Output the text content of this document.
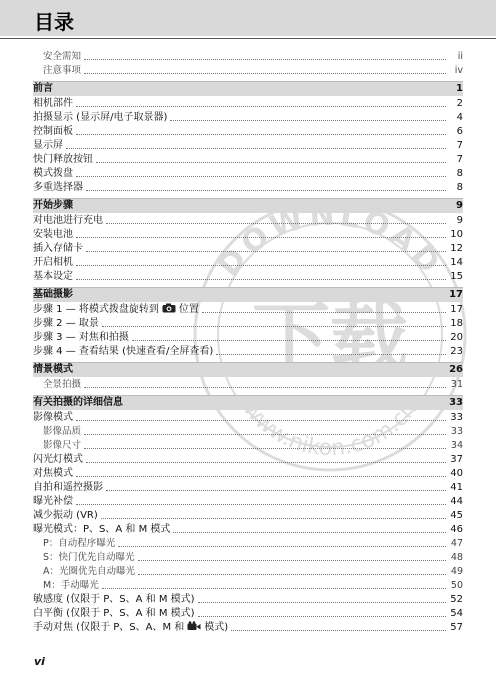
目录
DOWNLOAD
下载
www.nikon.com.cn
安全需知	ii
注意事项	iv
前言	1
相机部件	2
拍摄显示 (显示屏/电子取景器)	4
控制面板	6
显示屏	7
快门释放按钮	7
模式拨盘	8
多重选择器	8
开始步骤	9
对电池进行充电	9
安装电池	10
插入存储卡	12
开启相机	14
基本设定	15
基础摄影	17
步骤 1 — 将模式拨盘旋转到 位置	17
步骤 2 — 取景	18
步骤 3 — 对焦和拍摄	20
步骤 4 — 查看结果 (快速查看/全屏查看)	23
情景模式	26
全景拍摄	31
有关拍摄的详细信息	33
影像模式	33
影像品质	33
影像尺寸	34
闪光灯模式	37
对焦模式	40
自拍和遥控摄影	41
曝光补偿	44
减少振动 (VR)	45
曝光模式：P、S、A 和 M 模式	46
P：自动程序曝光	47
S：快门优先自动曝光	48
A：光圈优先自动曝光	49
M：手动曝光	50
敏感度 (仅限于 P、S、A 和 M 模式)	52
白平衡 (仅限于 P、S、A 和 M 模式)	54
手动对焦 (仅限于 P、S、A、M 和 模式)	57
vi
